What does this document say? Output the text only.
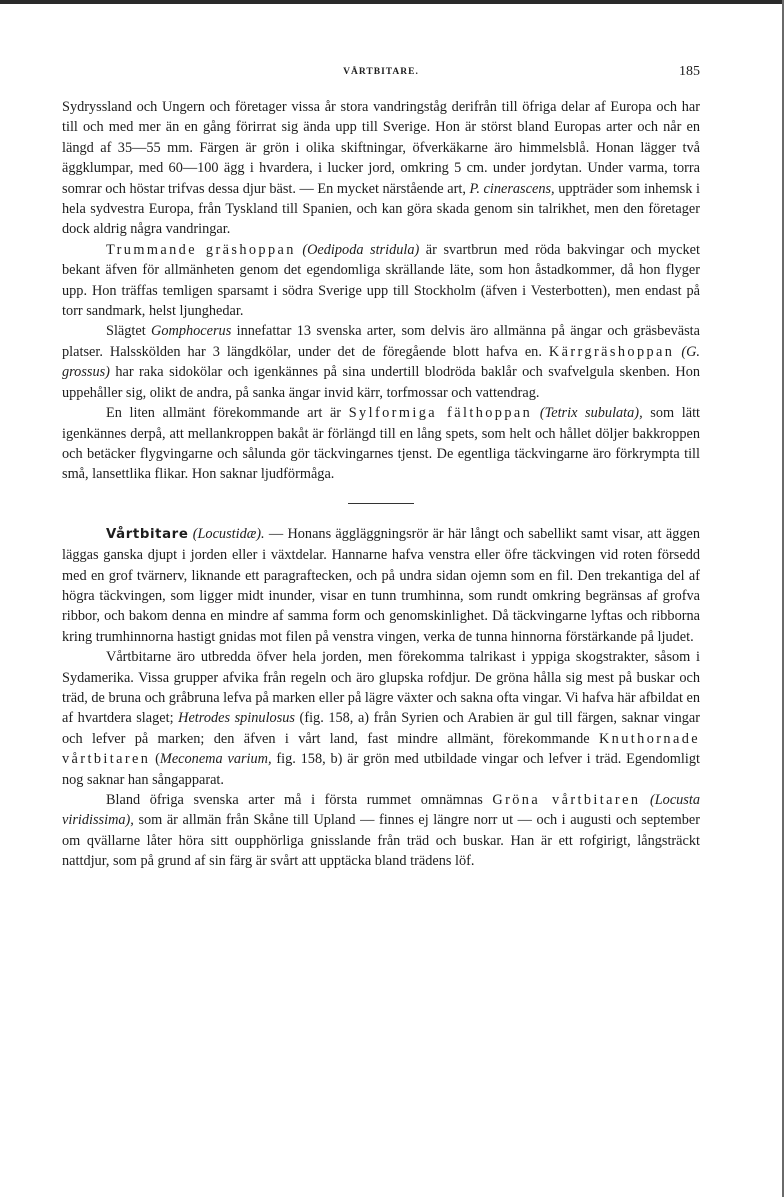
VÅRTBITARE.	185

Sydryssland och Ungern och företager vissa år stora vandringståg derifrån till öfriga delar af Europa och har till och med mer än en gång förirrat sig ända upp till Sverige. Hon är störst bland Europas arter och når en längd af 35—55 mm. Färgen är grön i olika skiftningar, öfverkäkarne äro himmelsblå. Honan lägger två äggklumpar, med 60—100 ägg i hvardera, i lucker jord, omkring 5 cm. under jordytan. Under varma, torra somrar och höstar trifvas dessa djur bäst. — En mycket närstående art, P. cinerascens, uppträder som inhemsk i hela sydvestra Europa, från Tyskland till Spanien, och kan göra skada genom sin talrikhet, men den företager dock aldrig några vandringar.

Trummande gräshoppan (Oedipoda stridula) är svartbrun med röda bakvingar och mycket bekant äfven för allmänheten genom det egendomliga skrällande läte, som hon åstadkommer, då hon flyger upp. Hon träffas temligen sparsamt i södra Sverige upp till Stockholm (äfven i Vesterbotten), men endast på torr sandmark, helst ljunghedar.

Slägtet Gomphocerus innefattar 13 svenska arter, som delvis äro allmänna på ängar och gräsbevästa platser. Halsskölden har 3 längdkölar, under det de föregående blott hafva en. Kärrgräshoppan (G. grossus) har raka sidokölar och igenkännes på sina undertill blodröda baklår och svafvelgula skenben. Hon uppehåller sig, olikt de andra, på sanka ängar invid kärr, torfmossar och vattendrag.

En liten allmänt förekommande art är Sylformiga fälthoppan (Tetrix subulata), som lätt igenkännes derpå, att mellankroppen bakåt är förlängd till en lång spets, som helt och hållet döljer bakkroppen och betäcker flygvingarne och sålunda gör täckvingarnes tjenst. De egentliga täckvingarne äro förkrympta till små, lansettlika flikar. Hon saknar ljudförmåga.

Vårtbitare (Locustidæ). — Honans äggläggningsrör är här långt och sabellikt samt visar, att äggen läggas ganska djupt i jorden eller i växtdelar. Hannarne hafva venstra eller öfre täckvingen vid roten försedd med en grof tvärnerv, liknande ett paragraftecken, och på undra sidan ojemn som en fil. Den trekantiga del af högra täckvingen, som ligger midt inunder, visar en tunn trumhinna, som rundt omkring begränsas af grofva ribbor, och bakom denna en mindre af samma form och genomskinlighet. Då täckvingarne lyftas och ribborna kring trumhinnorna hastigt gnidas mot filen på venstra vingen, verka de tunna hinnorna förstärkande på ljudet.

Vårtbitarne äro utbredda öfver hela jorden, men förekomma talrikast i yppiga skogstrakter, såsom i Sydamerika. Vissa grupper afvika från regeln och äro glupska rofdjur. De gröna hålla sig mest på buskar och träd, de bruna och gråbruna lefva på marken eller på lägre växter och sakna ofta vingar. Vi hafva här afbildat en af hvartdera slaget; Hetrodes spinulosus (fig. 158, a) från Syrien och Arabien är gul till färgen, saknar vingar och lefver på marken; den äfven i vårt land, fast mindre allmänt, förekommande Knuthornade vårtbitaren (Meconema varium, fig. 158, b) är grön med utbildade vingar och lefver i träd. Egendomligt nog saknar han sångapparat.

Bland öfriga svenska arter må i första rummet omnämnas Gröna vårtbitaren (Locusta viridissima), som är allmän från Skåne till Upland — finnes ej längre norr ut — och i augusti och september om qvällarne låter höra sitt oupphörliga gnisslande från träd och buskar. Han är ett rofgirigt, långsträckt nattdjur, som på grund af sin färg är svårt att upptäcka bland trädens löf.
